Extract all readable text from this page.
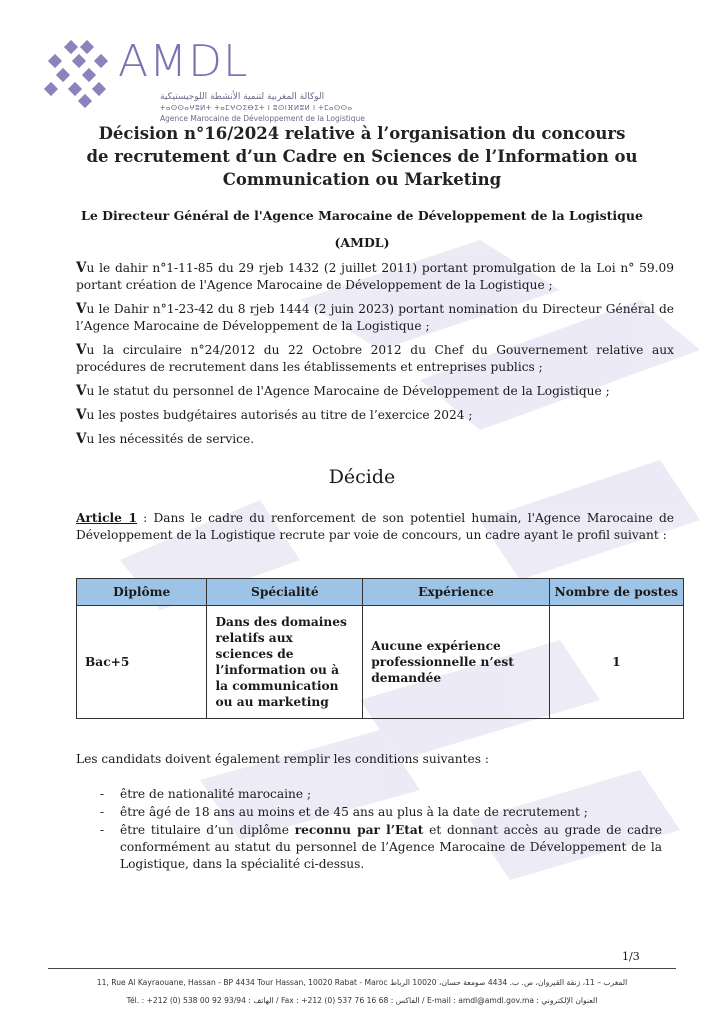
AMDL
الوكالة المغربية لتنمية الأنشطة اللوجيستيكية
ⵜⴰⵙⵙⴰⵖⵓⵍⵜ ⵜⴰⵎⵖⵔⵉⴱⵉⵜ ⵏ ⵓⵙⵏⴼⵍⵓⵍ ⵏ ⵜⵎⴰⵙⵙⴰ
Agence Marocaine de Développement de la Logistique
Décision n°16/2024 relative à l’organisation du concours
de recrutement d’un Cadre en Sciences de l’Information ou
Communication ou Marketing
Le Directeur Général de l'Agence Marocaine de Développement de la Logistique
(AMDL)

Vu le dahir n°1-11-85 du 29 rjeb 1432 (2 juillet 2011) portant promulgation de la Loi n° 59.09 portant création de l'Agence Marocaine de Développement de la Logistique ;

Vu le Dahir n°1-23-42 du 8 rjeb 1444 (2 juin 2023) portant nomination du Directeur Général de l’Agence Marocaine de Développement de la Logistique ;

Vu la circulaire n°24/2012 du 22 Octobre 2012 du Chef du Gouvernement relative aux procédures de recrutement dans les établissements et entreprises publics ;

Vu le statut du personnel de l'Agence Marocaine de Développement de la Logistique ;

Vu les postes budgétaires autorisés au titre de l’exercice 2024 ;

Vu les nécessités de service.

Décide
Article 1 : Dans le cadre du renforcement de son potentiel humain, l'Agence Marocaine de Développement de la Logistique recrute par voie de concours, un cadre ayant le profil suivant :
Diplôme	Spécialité	Expérience	Nombre de postes
Bac+5	Dans des domaines relatifs aux sciences de l’information ou à la communication ou au marketing	Aucune expérience professionnelle n’est demandée	1
Les candidats doivent également remplir les conditions suivantes :
- être de nationalité marocaine ;
- être âgé de 18 ans au moins et de 45 ans au plus à la date de recrutement ;
- être titulaire d’un diplôme reconnu par l’Etat et donnant accès au grade de cadre conformément au statut du personnel de l’Agence Marocaine de Développement de la Logistique, dans la spécialité ci-dessus.
1/3
11, Rue Al Kayraouane, Hassan - BP 4434 Tour Hassan, 10020 Rabat - Maroc المغرب – 11، زنقة القيروان، ص. ب. 4434 صومعة حسان، 10020 الرباط
Tél. : +212 (0) 538 00 92 93/94 : الهاتف / Fax : +212 (0) 537 76 16 68 : الفاكس / E-mail : amdl@amdl.gov.ma : العنوان الإلكتروني
